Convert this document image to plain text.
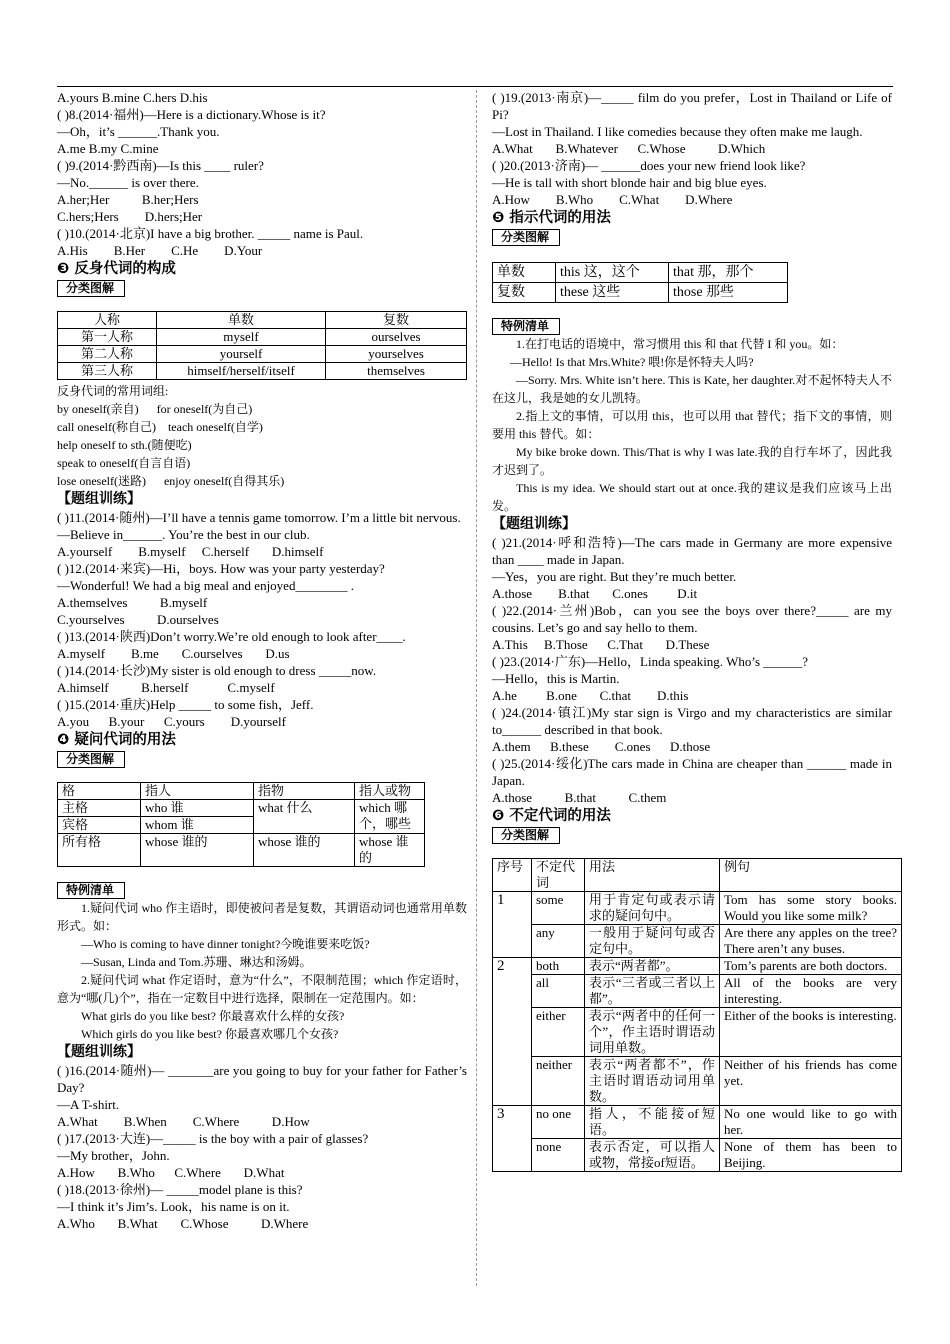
A.yours B.mine C.hers D.his

( )8.(2014·福州)—Here is a dictionary.Whose is it?

—Oh，it’s ______.Thank you.

A.me B.my C.mine

( )9.(2014·黔西南)—Is this ____ ruler?

—No.______ is over there.

A.her;Her          B.her;Hers

C.hers;Hers        D.hers;Her

( )10.(2014·北京)I have a big brother. _____ name is Paul.

A.His        B.Her        C.He        D.Your

❸ 反身代词的构成

分类图解
人称	单数	复数
第一人称	myself	ourselves
第二人称	yourself	yourselves
第三人称	himself/herself/itself	themselves

反身代词的常用词组:

by oneself(亲自)      for oneself(为自己)

call oneself(称自己)    teach oneself(自学)

help oneself to sth.(随便吃)

speak to oneself(自言自语)

lose oneself(迷路)      enjoy oneself(自得其乐)

【题组训练】

( )11.(2014·随州)—I’ll have a tennis game tomorrow. I’m a little bit nervous.

—Believe in______. You’re the best in our club.

A.yourself        B.myself     C.herself       D.himself

( )12.(2014·来宾)—Hi，boys. How was your party yesterday?

—Wonderful! We had a big meal and enjoyed________ .

A.themselves          B.myself

C.yourselves          D.ourselves

( )13.(2014·陕西)Don’t worry.We’re old enough to look after____.

A.myself        B.me       C.ourselves       D.us

( )14.(2014·长沙)My sister is old enough to dress _____now.

A.himself          B.herself            C.myself

( )15.(2014·重庆)Help _____ to some fish，Jeff.

A.you      B.your      C.yours        D.yourself

❹ 疑问代词的用法

分类图解
格	指人	指物	指人或物
主格	who 谁	what 什么	which 哪个，哪些
宾格	whom 谁		
所有格	whose 谁的	whose 谁的	whose 谁的
特例清单

1.疑问代词 who 作主语时，即使被问者是复数，其谓语动词也通常用单数形式。如：

—Who is coming to have dinner tonight?今晚谁要来吃饭?

—Susan, Linda and Tom.苏珊、琳达和汤姆。

2.疑问代词 what 作定语时，意为“什么”，不限制范围；which 作定语时，意为“哪(几)个”，指在一定数目中进行选择，限制在一定范围内。如：

What girls do you like best? 你最喜欢什么样的女孩?

Which girls do you like best? 你最喜欢哪几个女孩?

【题组训练】

( )16.(2014·随州)— _______are you going to buy for your father for Father’s Day?

—A T-shirt.

A.What        B.When        C.Where          D.How

( )17.(2013·大连)—_____ is the boy with a pair of glasses?

—My brother，John.

A.How       B.Who      C.Where       D.What

( )18.(2013·徐州)— _____model plane is this?

—I think it’s Jim’s. Look，his name is on it.

A.Who       B.What       C.Whose          D.Where

( )19.(2013·南京)—_____ film do you prefer，Lost in Thailand or Life of Pi?

—Lost in Thailand. I like comedies because they often make me laugh.

A.What       B.Whatever      C.Whose          D.Which

( )20.(2013·济南)— ______does your new friend look like?

—He is tall with short blonde hair and big blue eyes.

A.How        B.Who        C.What        D.Where

❺ 指示代词的用法

分类图解
单数	this 这，这个	that 那，那个
复数	these 这些	those 那些
特例清单

1.在打电话的语境中，常习惯用 this 和 that 代替 I 和 you。如：

—Hello! Is that Mrs.White? 喂!你是怀特夫人吗?

—Sorry. Mrs. White isn’t here. This is Kate, her daughter.对不起怀特夫人不在这儿，我是她的女儿凯特。

2.指上文的事情，可以用 this，也可以用 that 替代；指下文的事情，则要用 this 替代。如：

My bike broke down. This/That is why I was late.我的自行车坏了，因此我才迟到了。

This is my idea. We should start out at once.我的建议是我们应该马上出发。

【题组训练】

( )21.(2014·呼和浩特)—The cars made in Germany are more expensive than ____ made in Japan.

—Yes，you are right. But they’re much better.

A.those        B.that       C.ones         D.it

( )22.(2014·兰州)Bob，can you see the boys over there?_____ are my cousins. Let’s go and say hello to them.

A.This     B.Those      C.That       D.These

( )23.(2014·广东)—Hello，Linda speaking. Who’s ______?

—Hello，this is Martin.

A.he         B.one       C.that        D.this

( )24.(2014·镇江)My star sign is Virgo and my characteristics are similar to______ described in that book.

A.them      B.these        C.ones      D.those

( )25.(2014·绥化)The cars made in China are cheaper than ______ made in Japan.

A.those          B.that          C.them

❻ 不定代词的用法

分类图解
序号	不定代词	用法	例句
1	some	用于肯定句或表示请求的疑问句中。	Tom has some story books. Would you like some milk?
	any	一般用于疑问句或否定句中。	Are there any apples on the tree? There aren’t any buses.
2	both	表示“两者都”。	Tom’s parents are both doctors.
	all	表示“三者或三者以上都”。	All of the books are very interesting.
	either	表示“两者中的任何一个”，作主语时谓语动词用单数。	Either of the books is interesting.
	neither	表示“两者都不”，作主语时谓语动词用单数。	Neither of his friends has come yet.
3	no one	指人，不能接of短语。	No one would like to go with her.
	none	表示否定，可以指人或物，常接of短语。	None of them has been to Beijing.
